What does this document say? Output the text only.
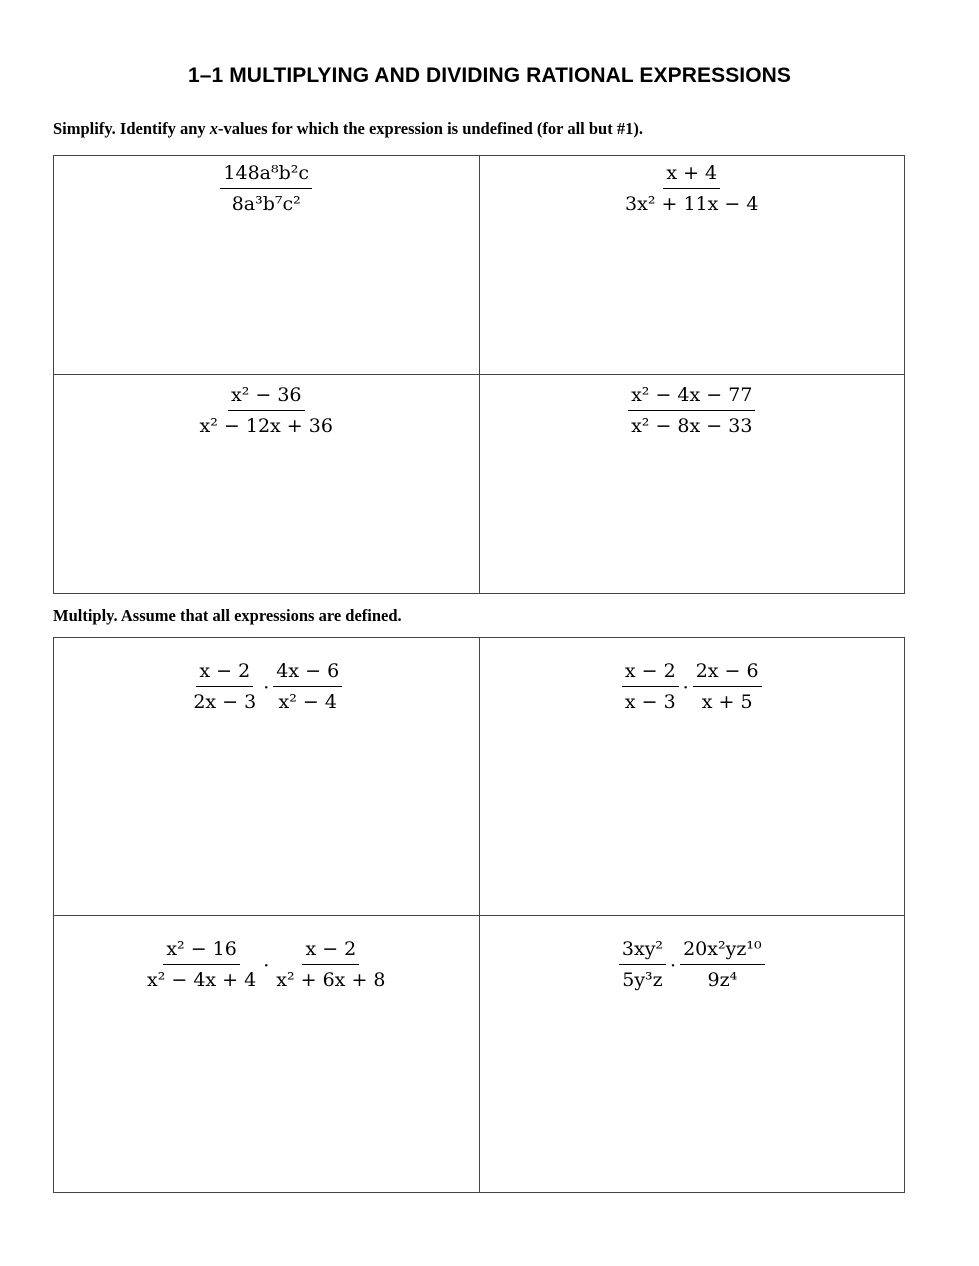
1–1 MULTIPLYING AND DIVIDING RATIONAL EXPRESSIONS
Simplify. Identify any x-values for which the expression is undefined (for all but #1).
$\frac{\text{148a⁸b²c}}{\text{8a³b⁷c²}}$	$\frac{x + 4}{\text{3x² + 11x − 4}}$

$\frac{\text{x² − 36}}{\text{x² − 12x + 36}}$	$\frac{\text{x² − 4x − 77}}{\text{x² − 8x − 33}}$
Multiply. Assume that all expressions are defined.
$\frac{x - 2}{2x - 3} \cdot \frac{4x - 6}{\text{x² − 4}}$	$\frac{x - 2}{x - 3} \cdot \frac{2x - 6}{x + 5}$

$\frac{\text{x² − 16}}{\text{x² − 4x + 4}} \cdot \frac{x - 2}{\text{x² + 6x + 8}}$	$\frac{\text{3xy²}}{\text{5y³z}} \cdot \frac{\text{20x²yz¹⁰}}{\text{9z⁴}}$
